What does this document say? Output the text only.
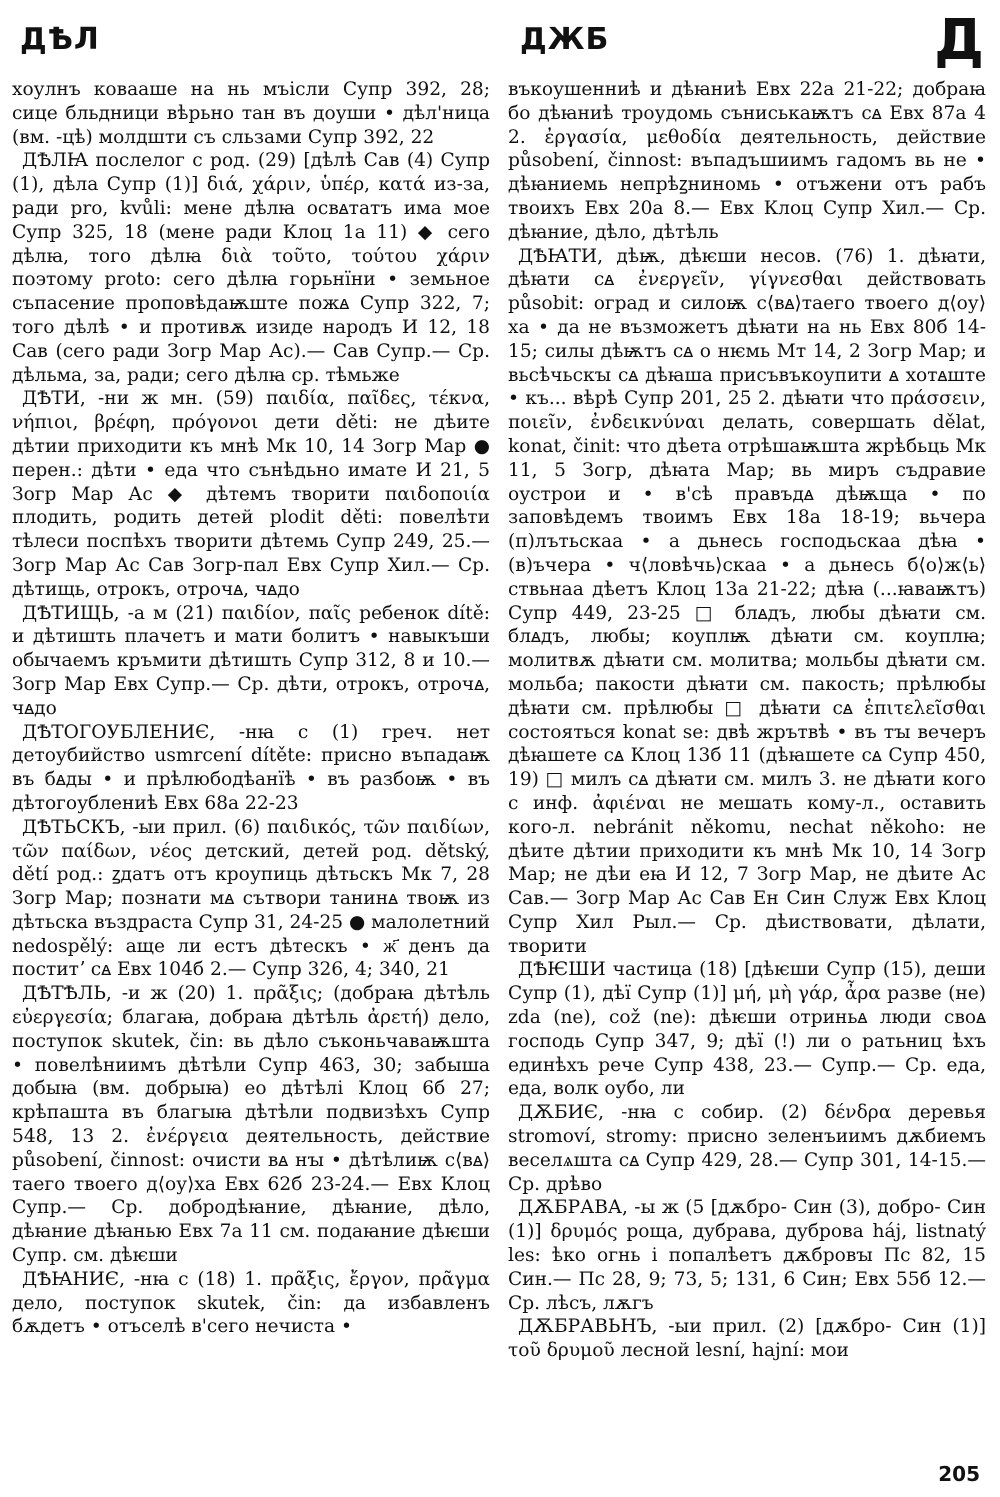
ДѢЛ	ДЖБ	Д

хоулнъ ковааше на нь мъісли Супр 392, 28; сице бльдници вѣрьно тан въ доуши • дѣл'ница (вм. -цѣ) молдшти съ сльзами Супр 392, 22

ДѢЛꙖ послелог с род. (29) [дѣлѣ Сав (4) Супр (1), дѣла Супр (1)] διά, χάριν, ὑπέρ, κατά из-за, ради pro, kvůli: мене дѣлꙗ освꙙтатъ има мое Супр 325, 18 (мене ради Клоц 1а 11) ◆ сего дѣлꙗ, того дѣлꙗ διὰ τοῦτο, τούτου χάριν поэтому proto: сего дѣлꙗ горьнїни • земьное съпасение проповѣдаѭште пожꙙ Супр 322, 7; того дѣлѣ • и противѫ изиде народъ И 12, 18 Сав (сего ради Зогр Мар Ас).— Сав Супр.— Ср. дѣльма, за, ради; сего дѣлꙗ ср. тѣмьже

ДѢТИ, -ни ж мн. (59) παιδία, παῖδες, τέκνα, νήπιοι, βρέφη, πρόγονοι дети děti: не дѣите дѣтии приходити къ мнѣ Мк 10, 14 Зогр Мар ● перен.: дѣти • еда что сънѣдьно имате И 21, 5 Зогр Мар Ас ◆ дѣтемъ творити παιδοποιία плодить, родить детей plodit děti: повелѣти тѣлеси поспѣхъ творити дѣтемь Супр 249, 25.— Зогр Мар Ас Сав Зогр-пал Евх Супр Хил.— Ср. дѣтищь, отрокъ, отрочꙙ, чꙙдо

ДѢТИЩЬ, -а м (21) παιδίον, παῖς ребенок dítě: и дѣтишть плачетъ и мати болитъ • навыкъши обычаемъ кръмити дѣтишть Супр 312, 8 и 10.— Зогр Мар Евх Супр.— Ср. дѣти, отрокъ, отрочꙙ, чꙙдо

ДѢТОГОУБЛЕНИЄ, -нꙗ с (1) греч. нет детоубийство usmrcení dítěte: присно въпадаѭ въ бꙙды • и прѣлюбодѣанїѣ • въ разбоѭ • въ дѣтогоублениѣ Евх 68а 22-23

ДѢТЬСКЪ, -ыи прил. (6) παιδικός, τῶν παιδίων, τῶν παίδων, νέος детский, детей род. dětský, dětí род.: ꙁдатъ отъ кроупиць дѣтьскъ Мк 7, 28 Зогр Мар; познати мꙙ сътвори танинꙙ твоѭ из дѣтьска въздраста Супр 31, 24-25 ● малолетний nedospělý: аще ли естъ дѣтескъ • ж҃ денъ да поститʼ сꙙ Евх 104б 2.— Супр 326, 4; 340, 21

ДѢТѢЛЬ, -и ж (20) 1. πρᾶξις; (добраꙗ дѣтѣль εὐεργεσία; благаꙗ, добраꙗ дѣтѣль ἀρετή) дело, поступок skutek, čin: вь дѣло съконьчаваѭшта • повелѣниимъ дѣтѣли Супр 463, 30; забыша добыꙗ (вм. добрыꙗ) ео дѣтѣлі Клоц 6б 27; крѣпашта въ благыꙗ дѣтѣли подвизѣхъ Супр 548, 13 2. ἐνέργεια деятельность, действие působení, činnost: очисти вꙙ нꙑ • дѣтѣлиѭ с⟨вꙙ⟩таего твоего д⟨оу⟩ха Евх 62б 23-24.— Евх Клоц Супр.— Ср. добродѣꙗние, дѣꙗние, дѣло, дѣꙗние дѣꙗнью Евх 7а 11 см. подаꙗние дѣѥши Супр. см. дѣѥши

ДѢꙖНИЄ, -нꙗ с (18) 1. πρᾶξις, ἔργον, πρᾶγμα дело, поступок skutek, čin: да избавленъ бѫдетъ • отъселѣ в'сего нечиста •

въкоушенниѣ и дѣꙗниѣ Евх 22а 21-22; добраꙗ бо дѣꙗниѣ троудомь съниськаѭтъ сꙙ Евх 87а 4 2. ἐργασία, μεθοδία деятельность, действие působení, činnost: въпадъшиимъ гадомъ вь не • дѣꙗниемь непрѣꙁниномь • отъжени отъ рабъ твоихъ Евх 20а 8.— Евх Клоц Супр Хил.— Ср. дѣꙗние, дѣло, дѣтѣль

ДѢꙖТИ, дѣѭ, дѣѥши несов. (76) 1. дѣꙗти, дѣꙗти сꙙ ἐνεργεῖν, γίγνεσθαι действовать působit: оград и силоѭ с⟨вꙙ⟩таего твоего д⟨оу⟩ха • да не възможетъ дѣꙗти на нь Евх 80б 14-15; силы дѣѭтъ сꙙ о нѥмь Мт 14, 2 Зогр Мар; и вьсѣчьскꙑ сꙙ дѣꙗша приcъвъкоупити ꙙ хотꙙште • къ... вѣрѣ Супр 201, 25 2. дѣꙗти что πράσσειν, ποιεῖν, ἐνδεικνύναι делать, совершать dělat, konat, činit: что дѣета отрѣшаѭшта жрѣбьць Мк 11, 5 Зогр, дѣꙗта Мар; вь миръ съдравие оустрои и • в'сѣ правъдꙙ дѣѭща • по заповѣдемъ твоимъ Евх 18а 18-19; вьчера (п)лътьскаа • а дьнесь господьскаа дѣꙗ • (в)ъчера • ч⟨ловѣчь⟩скаа • а дьнесь б⟨о⟩ж⟨ь⟩ствьнаа дѣетъ Клоц 13а 21-22; дѣꙗ (...ꙗваѭтъ) Супр 449, 23-25 □ блꙙдъ, любы дѣꙗти см. блꙙдъ, любы; коуплѭ дѣꙗти см. коуплꙗ; молитвѫ дѣꙗти см. молитва; мольбы дѣꙗти см. мольба; пакости дѣꙗти см. пакость; прѣлюбы дѣꙗти см. прѣлюбы □ дѣꙗти сꙙ ἐπιτελεῖσθαι состояться konat se: двѣ жрътвѣ • въ тꙑ вечеръ дѣꙗшете сꙙ Клоц 13б 11 (дѣꙗшете сꙙ Супр 450, 19) □ милъ сꙙ дѣꙗти см. милъ 3. не дѣꙗти кого с инф. ἀφιέναι не мешать кому-л., оставить кого-л. nebránit někomu, nechat někoho: не дѣите дѣтии приходити къ мнѣ Мк 10, 14 Зогр Мар; не дѣи еꙗ И 12, 7 Зогр Мар, не дѣите Ас Сав.— Зогр Мар Ас Сав Ен Син Служ Евх Клоц Супр Хил Рыл.— Ср. дѣиствовати, дѣлати, творити

ДѢѤШИ частица (18) [дѣѥши Супр (15), деши Супр (1), дѣї Супр (1)] μή, μὴ γάρ, ἆρα разве (не) zda (ne), což (ne): дѣѥши отриньꙙ люди своꙙ господь Супр 347, 9; дѣї (!) ли о ратьниц ѣхъ единѣхъ рече Супр 438, 23.— Супр.— Ср. еда, еда, волк оубо, ли

ДѪБИЄ, -нꙗ с собир. (2) δένδρα деревья stromoví, stromy: присно зеленъиимъ дѫбиемъ веселѧшта сꙙ Супр 429, 28.— Супр 301, 14-15.— Ср. дрѣво

ДѪБРАВА, -ы ж (5 [дѫбро- Син (3), добро- Син (1)] δρυμός роща, дубрава, дуброва háj, listnatý les: ѣко огнь і попалѣетъ дѫбровꙑ Пс 82, 15 Син.— Пс 28, 9; 73, 5; 131, 6 Син; Евх 55б 12.— Ср. лѣсъ, лѫгъ

ДѪБРАВЬНЪ, -ыи прил. (2) [дѫбро- Син (1)] τοῦ δρυμοῦ лесной lesní, hajní: мои

205
